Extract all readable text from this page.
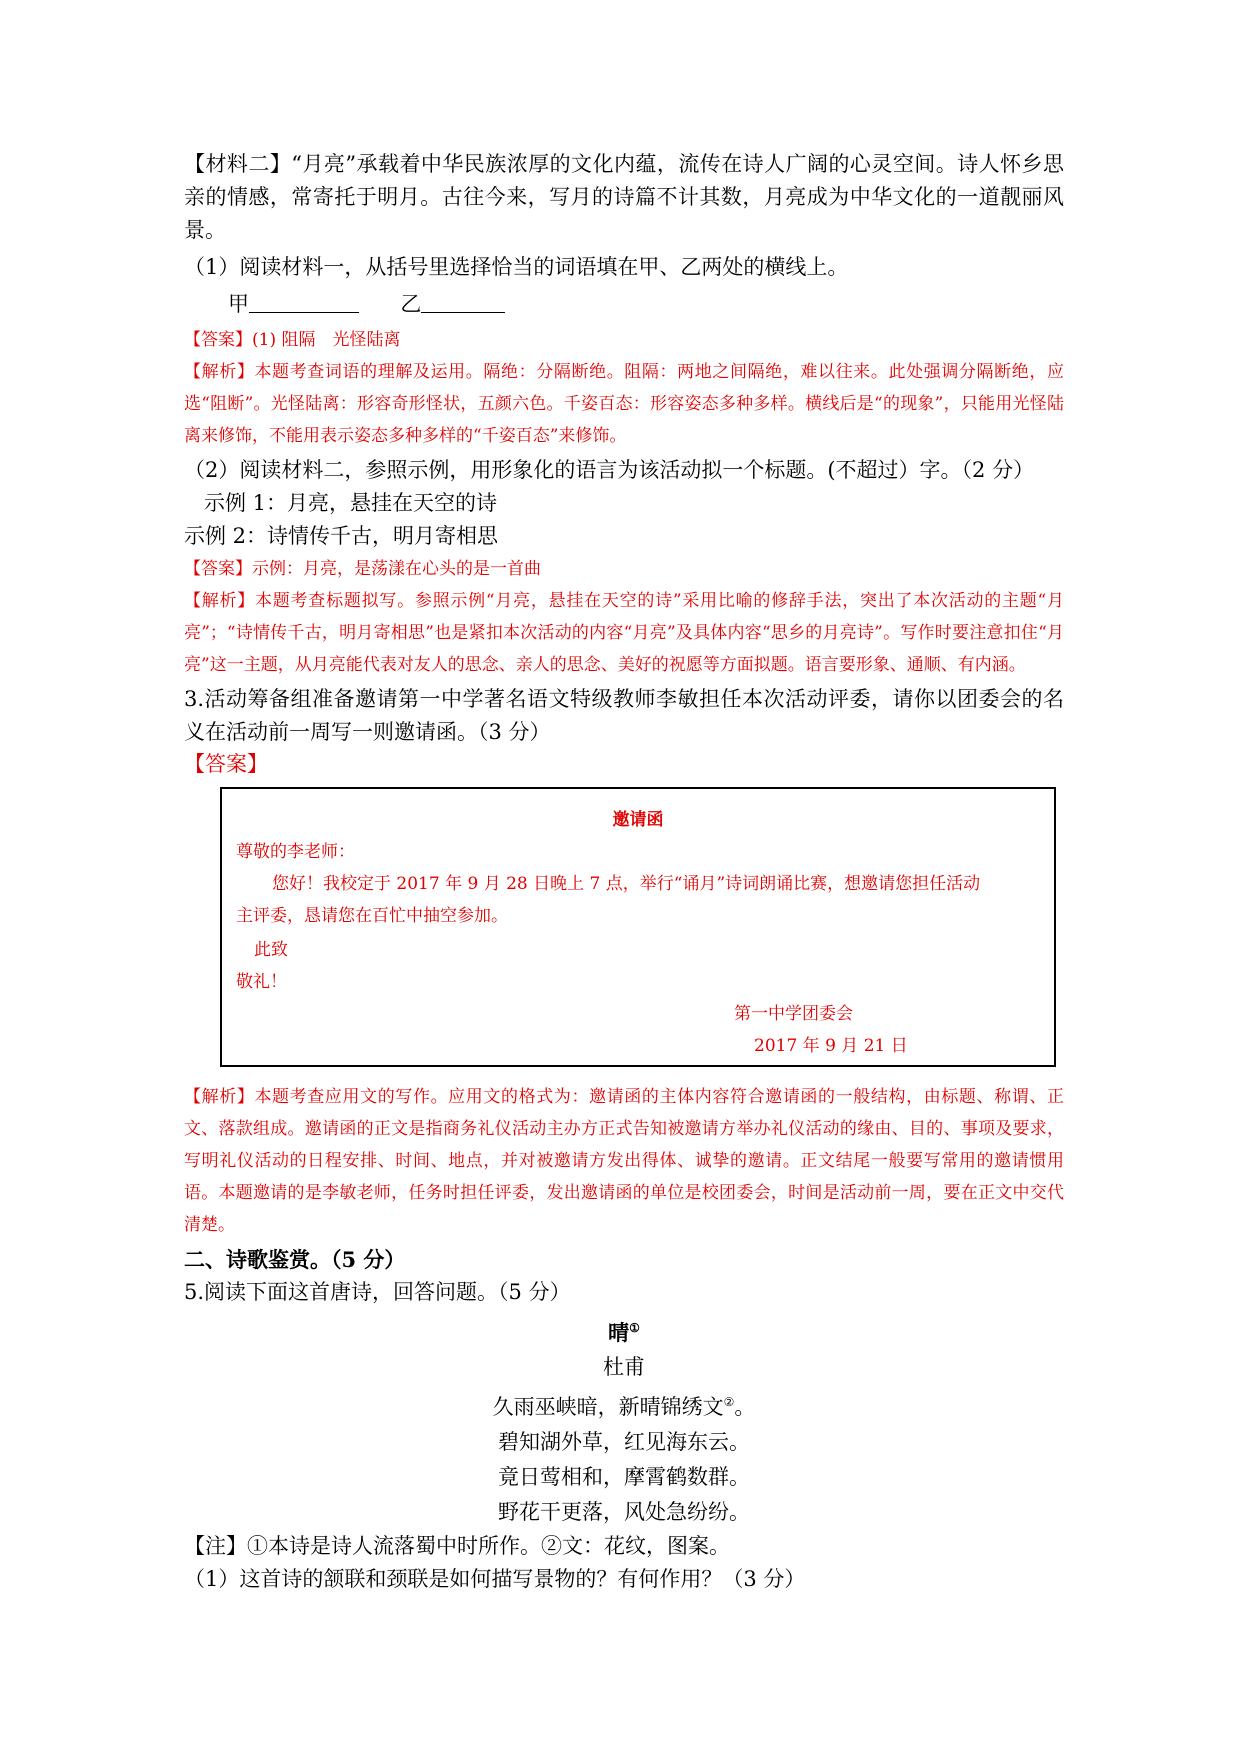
【材料二】“月亮”承载着中华民族浓厚的文化内蕴，流传在诗人广阔的心灵空间。诗人怀乡思亲的情感，常寄托于明月。古往今来，写月的诗篇不计其数，月亮成为中华文化的一道靓丽风景。

（1）阅读材料一，从括号里选择恰当的词语填在甲、乙两处的横线上。

甲	乙

【答案】(1) 阻隔　光怪陆离

【解析】本题考查词语的理解及运用。隔绝：分隔断绝。阻隔：两地之间隔绝，难以往来。此处强调分隔断绝，应选“阻断”。光怪陆离：形容奇形怪状，五颜六色。千姿百态：形容姿态多种多样。横线后是“的现象”，只能用光怪陆离来修饰，不能用表示姿态多种多样的“千姿百态”来修饰。

（2）阅读材料二，参照示例，用形象化的语言为该活动拟一个标题。(不超过）字。（2 分）

示例 1：月亮，悬挂在天空的诗

示例 2：诗情传千古，明月寄相思

【答案】示例：月亮，是荡漾在心头的是一首曲

【解析】本题考查标题拟写。参照示例“月亮，悬挂在天空的诗”采用比喻的修辞手法，突出了本次活动的主题“月亮”；“诗情传千古，明月寄相思”也是紧扣本次活动的内容“月亮”及具体内容“思乡的月亮诗”。写作时要注意扣住“月亮”这一主题，从月亮能代表对友人的思念、亲人的思念、美好的祝愿等方面拟题。语言要形象、通顺、有内涵。

3.活动筹备组准备邀请第一中学著名语文特级教师李敏担任本次活动评委，请你以团委会的名义在活动前一周写一则邀请函。（3 分）

【答案】

邀请函
尊敬的李老师：
您好！我校定于 2017 年 9 月 28 日晚上 7 点，举行“诵月”诗词朗诵比赛，想邀请您担任活动
主评委，恳请您在百忙中抽空参加。
此致
敬礼！
第一中学团委会
2017 年 9 月 21 日

【解析】本题考查应用文的写作。应用文的格式为：邀请函的主体内容符合邀请函的一般结构，由标题、称谓、正文、落款组成。邀请函的正文是指商务礼仪活动主办方正式告知被邀请方举办礼仪活动的缘由、目的、事项及要求，写明礼仪活动的日程安排、时间、地点，并对被邀请方发出得体、诚挚的邀请。正文结尾一般要写常用的邀请惯用语。本题邀请的是李敏老师，任务时担任评委，发出邀请函的单位是校团委会，时间是活动前一周，要在正文中交代清楚。

二、诗歌鉴赏。（5 分）

5.阅读下面这首唐诗，回答问题。（5 分）

晴①

杜甫

久雨巫峡暗，新晴锦绣文②。

碧知湖外草，红见海东云。

竟日莺相和，摩霄鹤数群。

野花干更落，风处急纷纷。

【注】①本诗是诗人流落蜀中时所作。②文：花纹，图案。

（1）这首诗的颔联和颈联是如何描写景物的？有何作用？（3 分）
